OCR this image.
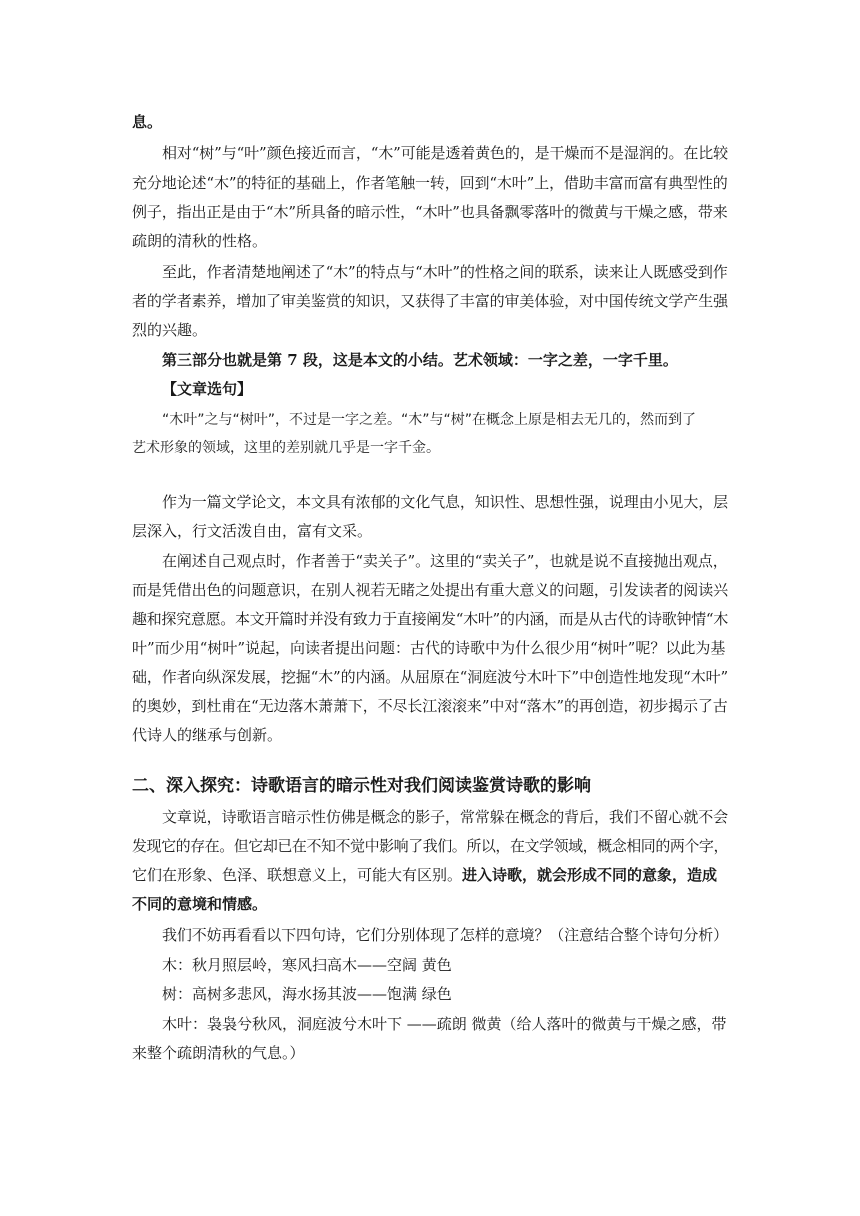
息。
相对“树”与“叶”颜色接近而言，“木”可能是透着黄色的，是干燥而不是湿润的。在比较
充分地论述“木”的特征的基础上，作者笔触一转，回到“木叶”上，借助丰富而富有典型性的
例子，指出正是由于“木”所具备的暗示性，“木叶”也具备飘零落叶的微黄与干燥之感，带来
疏朗的清秋的性格。
至此，作者清楚地阐述了“木”的特点与“木叶”的性格之间的联系，读来让人既感受到作
者的学者素养，增加了审美鉴赏的知识，又获得了丰富的审美体验，对中国传统文学产生强
烈的兴趣。
第三部分也就是第 7 段，这是本文的小结。艺术领域：一字之差，一字千里。
【文章选句】
“木叶”之与“树叶”，不过是一字之差。“木”与“树”在概念上原是相去无几的，然而到了
艺术形象的领域，这里的差别就几乎是一字千金。
作为一篇文学论文，本文具有浓郁的文化气息，知识性、思想性强，说理由小见大，层
层深入，行文活泼自由，富有文采。
在阐述自己观点时，作者善于“卖关子”。这里的“卖关子”，也就是说不直接抛出观点，
而是凭借出色的问题意识，在别人视若无睹之处提出有重大意义的问题，引发读者的阅读兴
趣和探究意愿。本文开篇时并没有致力于直接阐发“木叶”的内涵，而是从古代的诗歌钟情“木
叶”而少用“树叶”说起，向读者提出问题：古代的诗歌中为什么很少用“树叶”呢？以此为基
础，作者向纵深发展，挖掘“木”的内涵。从屈原在“洞庭波兮木叶下”中创造性地发现“木叶”
的奥妙，到杜甫在“无边落木萧萧下，不尽长江滚滚来”中对“落木”的再创造，初步揭示了古
代诗人的继承与创新。
二、深入探究：诗歌语言的暗示性对我们阅读鉴赏诗歌的影响
文章说，诗歌语言暗示性仿佛是概念的影子，常常躲在概念的背后，我们不留心就不会
发现它的存在。但它却已在不知不觉中影响了我们。所以，在文学领域，概念相同的两个字，
它们在形象、色泽、联想意义上，可能大有区别。进入诗歌，就会形成不同的意象，造成
不同的意境和情感。
我们不妨再看看以下四句诗，它们分别体现了怎样的意境？（注意结合整个诗句分析）
木：秋月照层岭，寒风扫高木——空阔 黄色
树：高树多悲风，海水扬其波——饱满 绿色
木叶：袅袅兮秋风，洞庭波兮木叶下 ——疏朗 微黄（给人落叶的微黄与干燥之感，带
来整个疏朗清秋的气息。）
